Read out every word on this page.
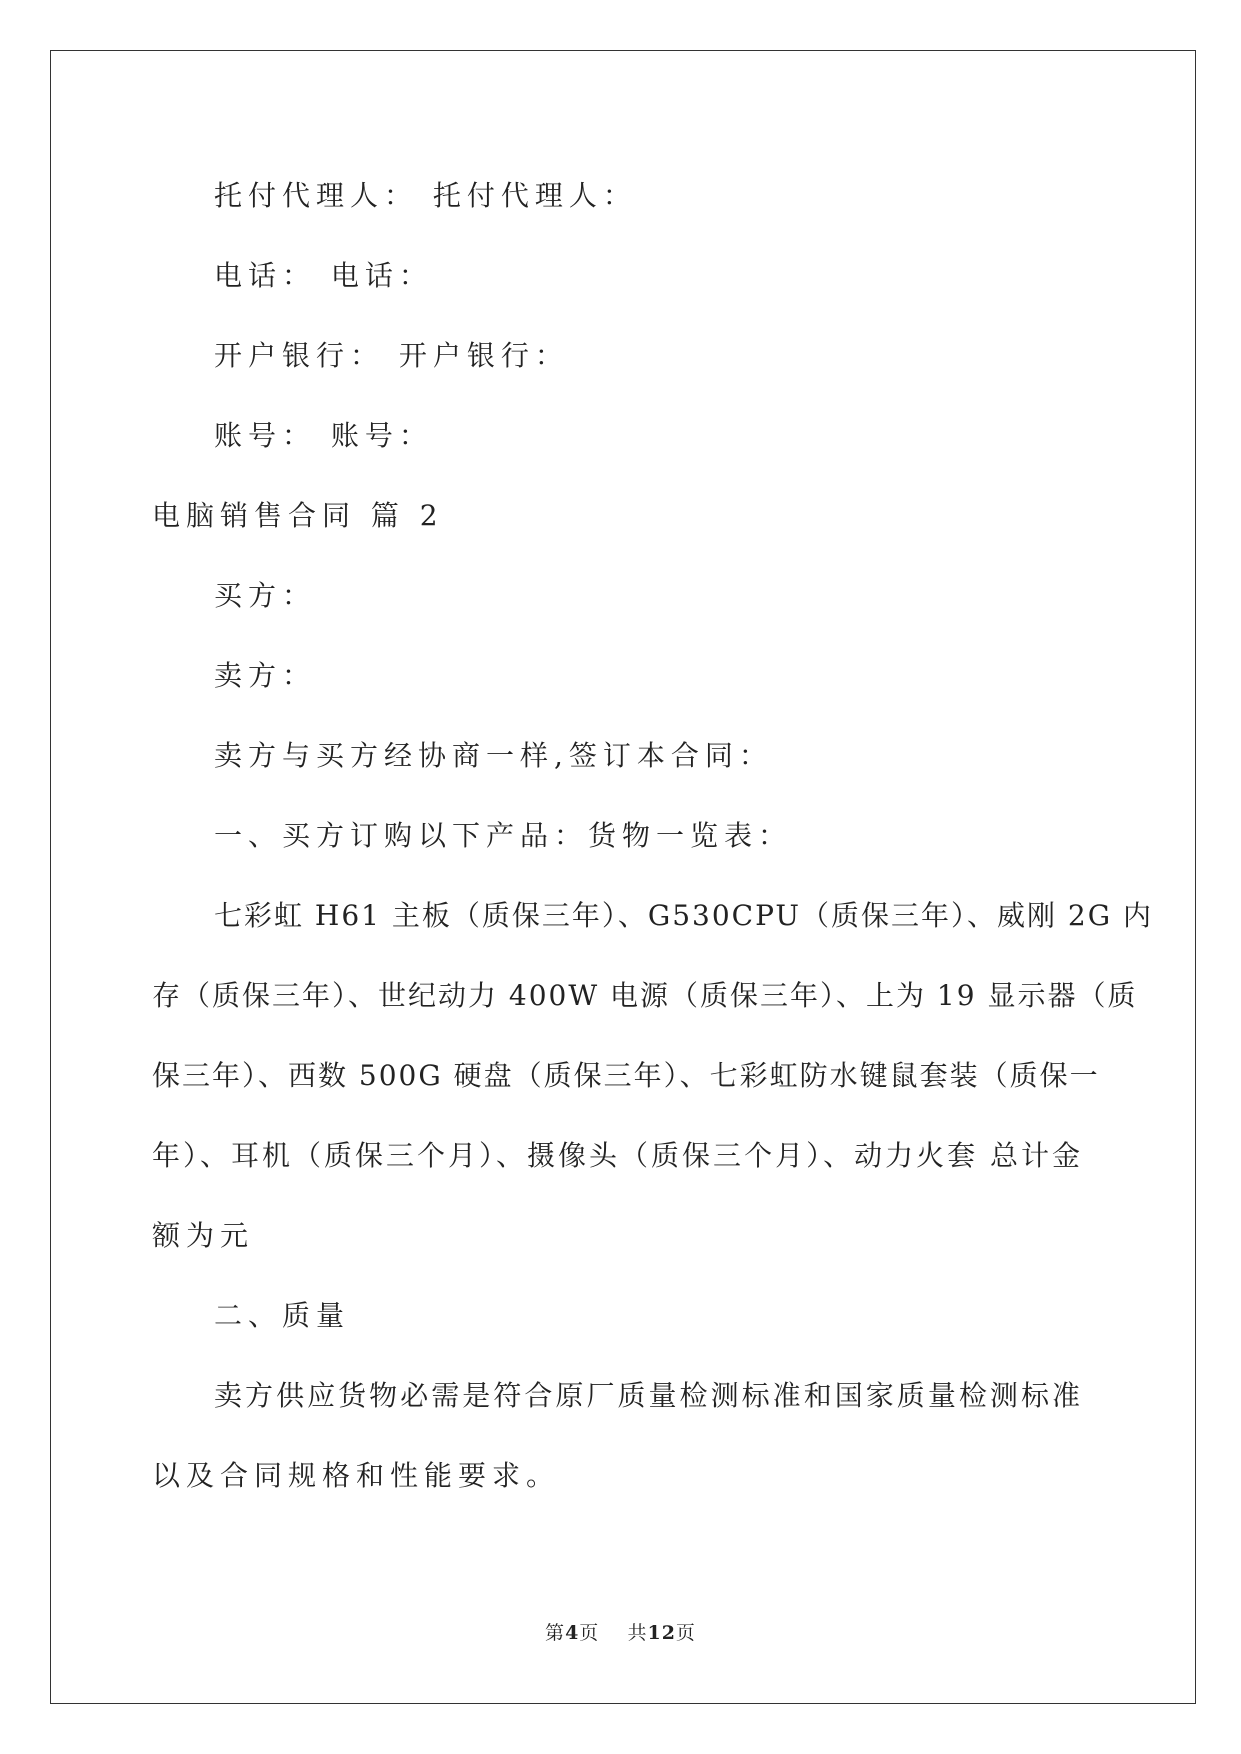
托付代理人： 托付代理人：
电话： 电话：
开户银行： 开户银行：
账号： 账号：
电脑销售合同 篇 2
买方：
卖方：
卖方与买方经协商一样,签订本合同：
一、买方订购以下产品：货物一览表：
七彩虹 H61 主板（质保三年）、G530CPU（质保三年）、威刚 2G 内
存（质保三年）、世纪动力 400W 电源（质保三年）、上为 19 显示器（质
保三年）、西数 500G 硬盘（质保三年）、七彩虹防水键鼠套装（质保一
年）、耳机（质保三个月）、摄像头（质保三个月）、动力火套 总计金
额为元
二、质量
卖方供应货物必需是符合原厂质量检测标准和国家质量检测标准
以及合同规格和性能要求。
第4页    共12页
